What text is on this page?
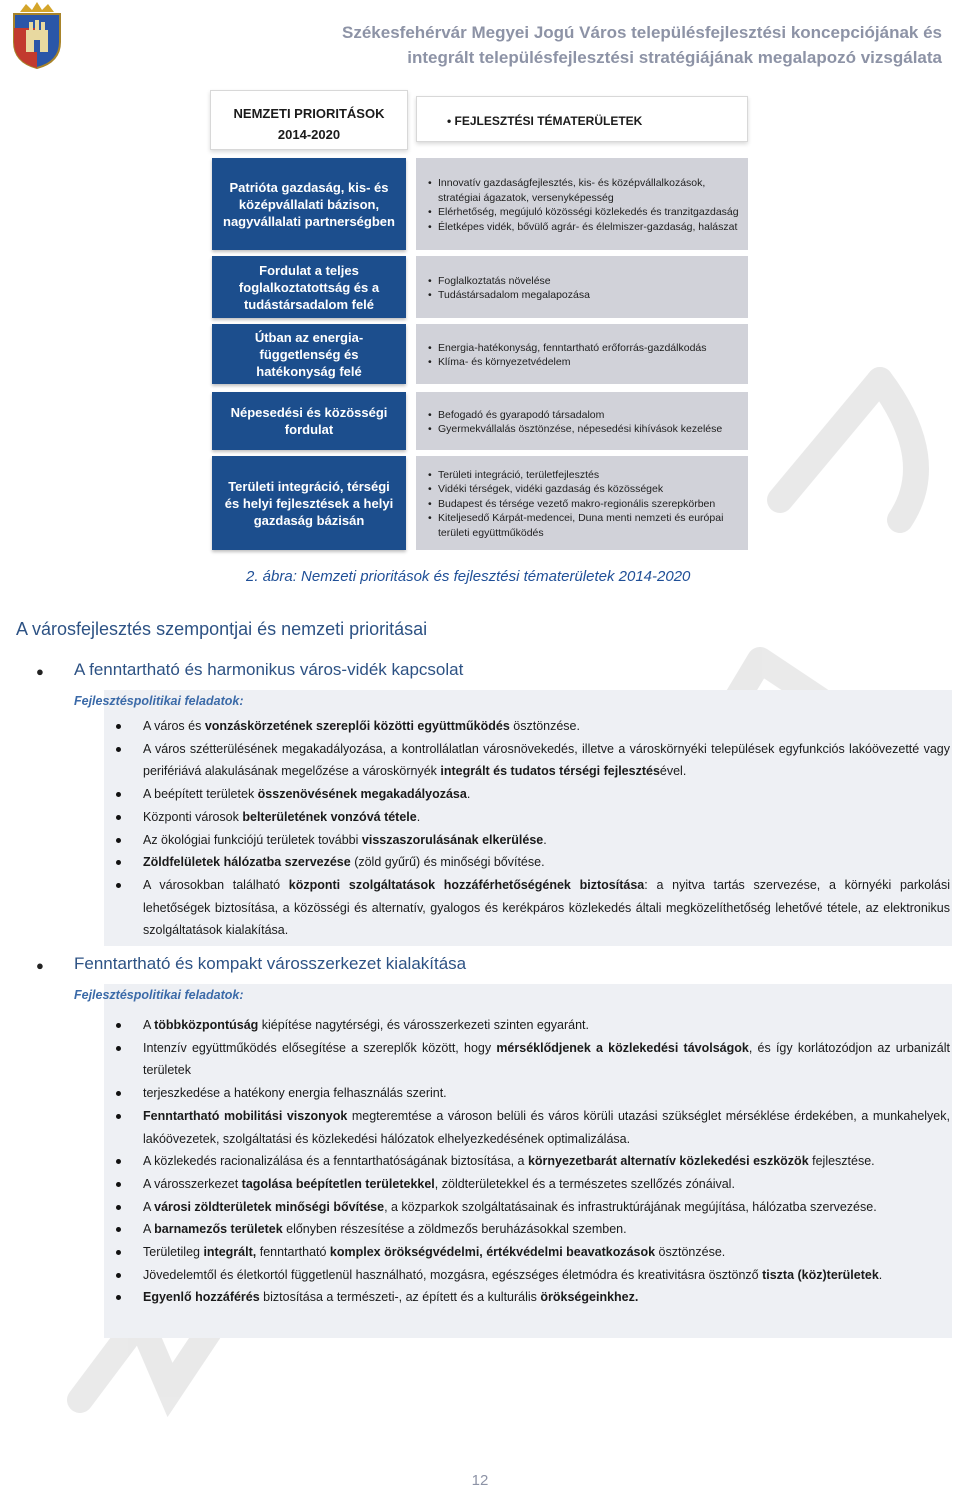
Székesfehérvár Megyei Jogú Város településfejlesztési koncepciójának és
integrált településfejlesztési stratégiájának megalapozó vizsgálata
NEMZETI PRIORITÁSOK
2014-2020
• FEJLESZTÉSI TÉMATERÜLETEK
Patrióta gazdaság, kis- és középvállalati bázison, nagyvállalati partnerségben
• Innovatív gazdaságfejlesztés, kis- és középvállalkozások, stratégiai ágazatok, versenyképesség
• Elérhetőség, megújuló közösségi közlekedés és tranzitgazdaság
• Életképes vidék, bővülő agrár- és élelmiszer-gazdaság, halászat
Fordulat a teljes foglalkoztatottság és a tudástársadalom felé
• Foglalkoztatás növelése
• Tudástársadalom megalapozása
Útban az energia-függetlenség és hatékonyság felé
• Energia-hatékonyság, fenntartható erőforrás-gazdálkodás
• Klíma- és környezetvédelem
Népesedési és közösségi fordulat
• Befogadó és gyarapodó társadalom
• Gyermekvállalás ösztönzése, népesedési kihívások kezelése
Területi integráció, térségi és helyi fejlesztések a helyi gazdaság bázisán
• Területi integráció, területfejlesztés
• Vidéki térségek, vidéki gazdaság és közösségek
• Budapest és térsége vezető makro-regionális szerepkörben
• Kiteljesedő Kárpát-medencei, Duna menti nemzeti és európai területi együttműködés
2. ábra: Nemzeti prioritások és fejlesztési tématerületek 2014-2020
A városfejlesztés szempontjai és nemzeti prioritásai
● A fenntartható és harmonikus város-vidék kapcsolat
Fejlesztéspolitikai feladatok:
A város és vonzáskörzetének szereplői közötti együttműködés ösztönzése.
A város szétterülésének megakadályozása, a kontrollálatlan városnövekedés, illetve a városkörnyéki települések egyfunkciós lakóövezetté vagy perifériává alakulásának megelőzése a városkörnyék integrált és tudatos térségi fejlesztésével.
A beépített területek összenövésének megakadályozása.
Központi városok belterületének vonzóvá tétele.
Az ökológiai funkciójú területek további visszaszorulásának elkerülése.
Zöldfelületek hálózatba szervezése (zöld gyűrű) és minőségi bővítése.
A városokban található központi szolgáltatások hozzáférhetőségének biztosítása: a nyitva tartás szervezése, a környéki parkolási lehetőségek biztosítása, a közösségi és alternatív, gyalogos és kerékpáros közlekedés általi megközelíthetőség lehetővé tétele, az elektronikus szolgáltatások kialakítása.
● Fenntartható és kompakt városszerkezet kialakítása
Fejlesztéspolitikai feladatok:
A többközpontúság kiépítése nagytérségi, és városszerkezeti szinten egyaránt.
Intenzív együttműködés elősegítése a szereplők között, hogy mérséklődjenek a közlekedési távolságok, és így korlátozódjon az urbanizált területek
terjeszkedése a hatékony energia felhasználás szerint.
Fenntartható mobilitási viszonyok megteremtése a városon belüli és város körüli utazási szükséglet mérséklése érdekében, a munkahelyek, lakóövezetek, szolgáltatási és közlekedési hálózatok elhelyezkedésének optimalizálása.
A közlekedés racionalizálása és a fenntarthatóságának biztosítása, a környezetbarát alternatív közlekedési eszközök fejlesztése.
A városszerkezet tagolása beépítetlen területekkel, zöldterületekkel és a természetes szellőzés zónáival.
A városi zöldterületek minőségi bővítése, a közparkok szolgáltatásainak és infrastruktúrájának megújítása, hálózatba szervezése.
A barnamezős területek előnyben részesítése a zöldmezős beruházásokkal szemben.
Területileg integrált, fenntartható komplex örökségvédelmi, értékvédelmi beavatkozások ösztönzése.
Jövedelemtől és életkortól függetlenül használható, mozgásra, egészséges életmódra és kreativitásra ösztönző tiszta (köz)területek.
Egyenlő hozzáférés biztosítása a természeti-, az épített és a kulturális örökségeinkhez.
12
